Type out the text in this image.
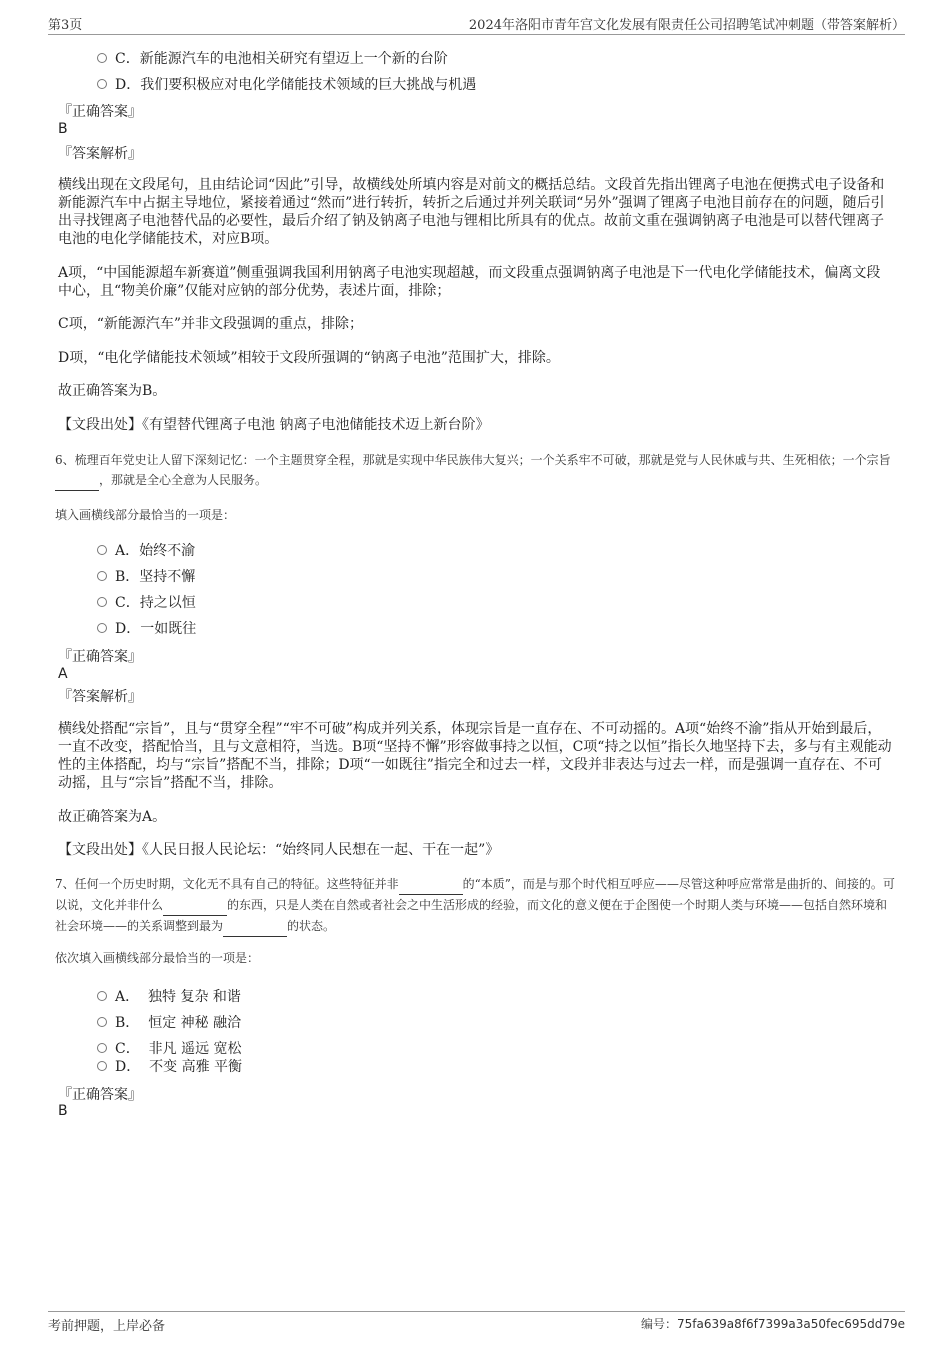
第3页	2024年洛阳市青年宫文化发展有限责任公司招聘笔试冲刺题（带答案解析）
C．新能源汽车的电池相关研究有望迈上一个新的台阶
D．我们要积极应对电化学储能技术领域的巨大挑战与机遇
『正确答案』
B
『答案解析』
横线出现在文段尾句，且由结论词“因此”引导，故横线处所填内容是对前文的概括总结。文段首先指出锂离子电池在便携式电子设备和新能源汽车中占据主导地位，紧接着通过“然而”进行转折，转折之后通过并列关联词“另外”强调了锂离子电池目前存在的问题，随后引出寻找锂离子电池替代品的必要性，最后介绍了钠及钠离子电池与锂相比所具有的优点。故前文重在强调钠离子电池是可以替代锂离子电池的电化学储能技术，对应B项。
A项，“中国能源超车新赛道”侧重强调我国利用钠离子电池实现超越，而文段重点强调钠离子电池是下一代电化学储能技术，偏离文段中心，且“物美价廉”仅能对应钠的部分优势，表述片面，排除；
C项，“新能源汽车”并非文段强调的重点，排除；
D项，“电化学储能技术领域”相较于文段所强调的“钠离子电池”范围扩大，排除。
故正确答案为B。
【文段出处】《有望替代锂离子电池 钠离子电池储能技术迈上新台阶》
6、梳理百年党史让人留下深刻记忆：一个主题贯穿全程，那就是实现中华民族伟大复兴；一个关系牢不可破，那就是党与人民休戚与共、生死相依；一个宗旨 ，那就是全心全意为人民服务。
填入画横线部分最恰当的一项是：
A．始终不渝
B．坚持不懈
C．持之以恒
D．一如既往
『正确答案』
A
『答案解析』
横线处搭配“宗旨”，且与“贯穿全程”“牢不可破”构成并列关系，体现宗旨是一直存在、不可动摇的。A项“始终不渝”指从开始到最后，一直不改变，搭配恰当，且与文意相符，当选。B项“坚持不懈”形容做事持之以恒，C项“持之以恒”指长久地坚持下去，多与有主观能动性的主体搭配，均与“宗旨”搭配不当，排除；D项“一如既往”指完全和过去一样，文段并非表达与过去一样，而是强调一直存在、不可动摇，且与“宗旨”搭配不当，排除。
故正确答案为A。
【文段出处】《人民日报人民论坛：“始终同人民想在一起、干在一起”》
7、任何一个历史时期，文化无不具有自己的特征。这些特征并非	的“本质”，而是与那个时代相互呼应——尽管这种呼应常常是曲折的、间接的。可以说，文化并非什么	的东西，只是人类在自然或者社会之中生活形成的经验，而文化的意义便在于企图使一个时期人类与环境——包括自然环境和社会环境——的关系调整到最为	的状态。
依次填入画横线部分最恰当的一项是：
A． 独特 复杂 和谐
B． 恒定 神秘 融洽
C． 非凡 遥远 宽松
D． 不变 高雅 平衡
『正确答案』
B
考前押题，上岸必备	编号：75fa639a8f6f7399a3a50fec695dd79e
